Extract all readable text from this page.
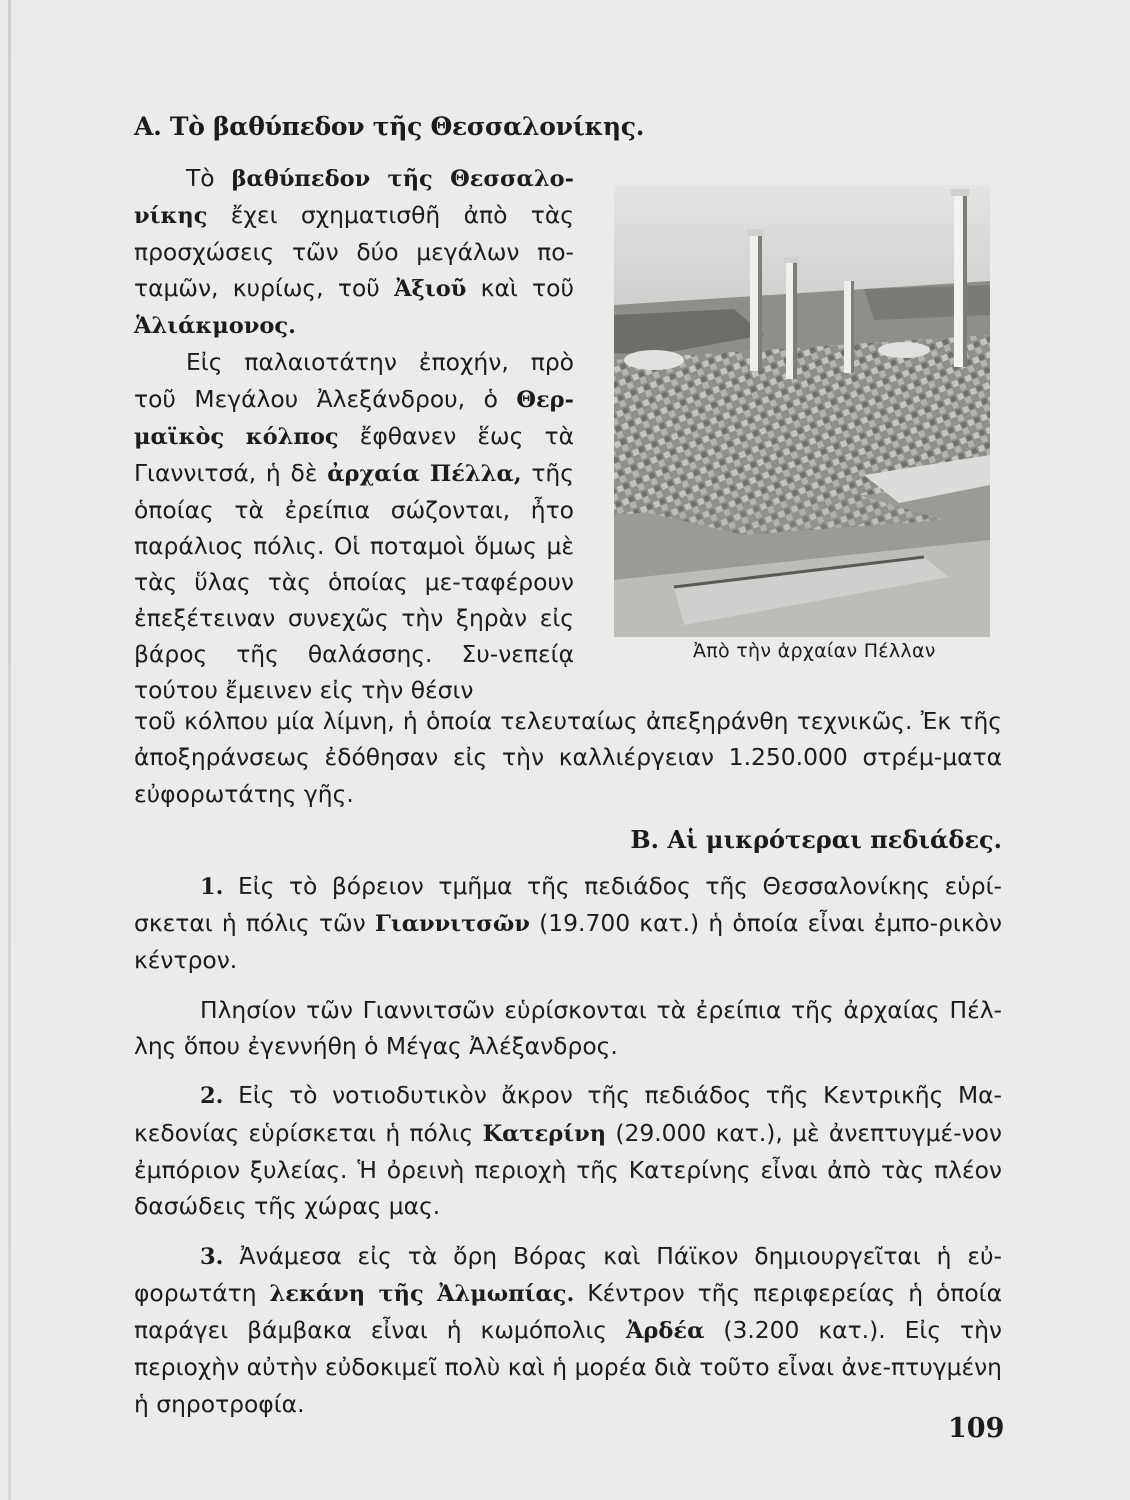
Α. Τὸ βαθύπεδον τῆς Θεσσαλονίκης.

Τὸ βαθύπεδον τῆς Θεσσαλο- νίκης ἔχει σχηματισθῆ ἀπὸ τὰς προσχώσεις τῶν δύο μεγάλων πο-ταμῶν, κυρίως, τοῦ Ἀξιοῦ καὶ τοῦ Ἁλιάκμονος.

Εἰς παλαιοτάτην ἐποχήν, πρὸ τοῦ Μεγάλου Ἀλεξάνδρου, ὁ Θερ-μαϊκὸς κόλπος ἔφθανεν ἕως τὰ Γιαννιτσά, ἡ δὲ ἀρχαία Πέλλα, τῆς ὁποίας τὰ ἐρείπια σώζονται, ἦτο παράλιος πόλις. Οἱ ποταμοὶ ὅμως μὲ τὰς ὕλας τὰς ὁποίας με-ταφέρουν ἐπεξέτειναν συνεχῶς τὴν ξηρὰν εἰς βάρος τῆς θαλάσσης. Συ-νεπείᾳ τούτου ἔμεινεν εἰς τὴν θέσιν

Ἀπὸ τὴν ἀρχαίαν Πέλλαν

τοῦ κόλπου μία λίμνη, ἡ ὁποία τελευταίως ἀπεξηράνθη τεχνικῶς. Ἐκ τῆς ἀποξηράνσεως ἐδόθησαν εἰς τὴν καλλιέργειαν 1.250.000 στρέμ-ματα εὐφορωτάτης γῆς.

Β. Αἱ μικρότεραι πεδιάδες.

1. Εἰς τὸ βόρειον τμῆμα τῆς πεδιάδος τῆς Θεσσαλονίκης εὑρί-σκεται ἡ πόλις τῶν Γιαννιτσῶν (19.700 κατ.) ἡ ὁποία εἶναι ἐμπο-ρικὸν κέντρον.

Πλησίον τῶν Γιαννιτσῶν εὑρίσκονται τὰ ἐρείπια τῆς ἀρχαίας Πέλ-λης ὅπου ἐγεννήθη ὁ Μέγας Ἀλέξανδρος.

2. Εἰς τὸ νοτιοδυτικὸν ἄκρον τῆς πεδιάδος τῆς Κεντρικῆς Μα-κεδονίας εὑρίσκεται ἡ πόλις Κατερίνη (29.000 κατ.), μὲ ἀνεπτυγμέ-νον ἐμπόριον ξυλείας. Ἡ ὀρεινὴ περιοχὴ τῆς Κατερίνης εἶναι ἀπὸ τὰς πλέον δασώδεις τῆς χώρας μας.

3. Ἀνάμεσα εἰς τὰ ὄρη Βόρας καὶ Πάϊκον δημιουργεῖται ἡ εὐ-φορωτάτη λεκάνη τῆς Ἀλμωπίας. Κέντρον τῆς περιφερείας ἡ ὁποία παράγει βάμβακα εἶναι ἡ κωμόπολις Ἀρδέα (3.200 κατ.). Εἰς τὴν περιοχὴν αὐτὴν εὐδοκιμεῖ πολὺ καὶ ἡ μορέα διὰ τοῦτο εἶναι ἀνε-πτυγμένη ἡ σηροτροφία.

109
